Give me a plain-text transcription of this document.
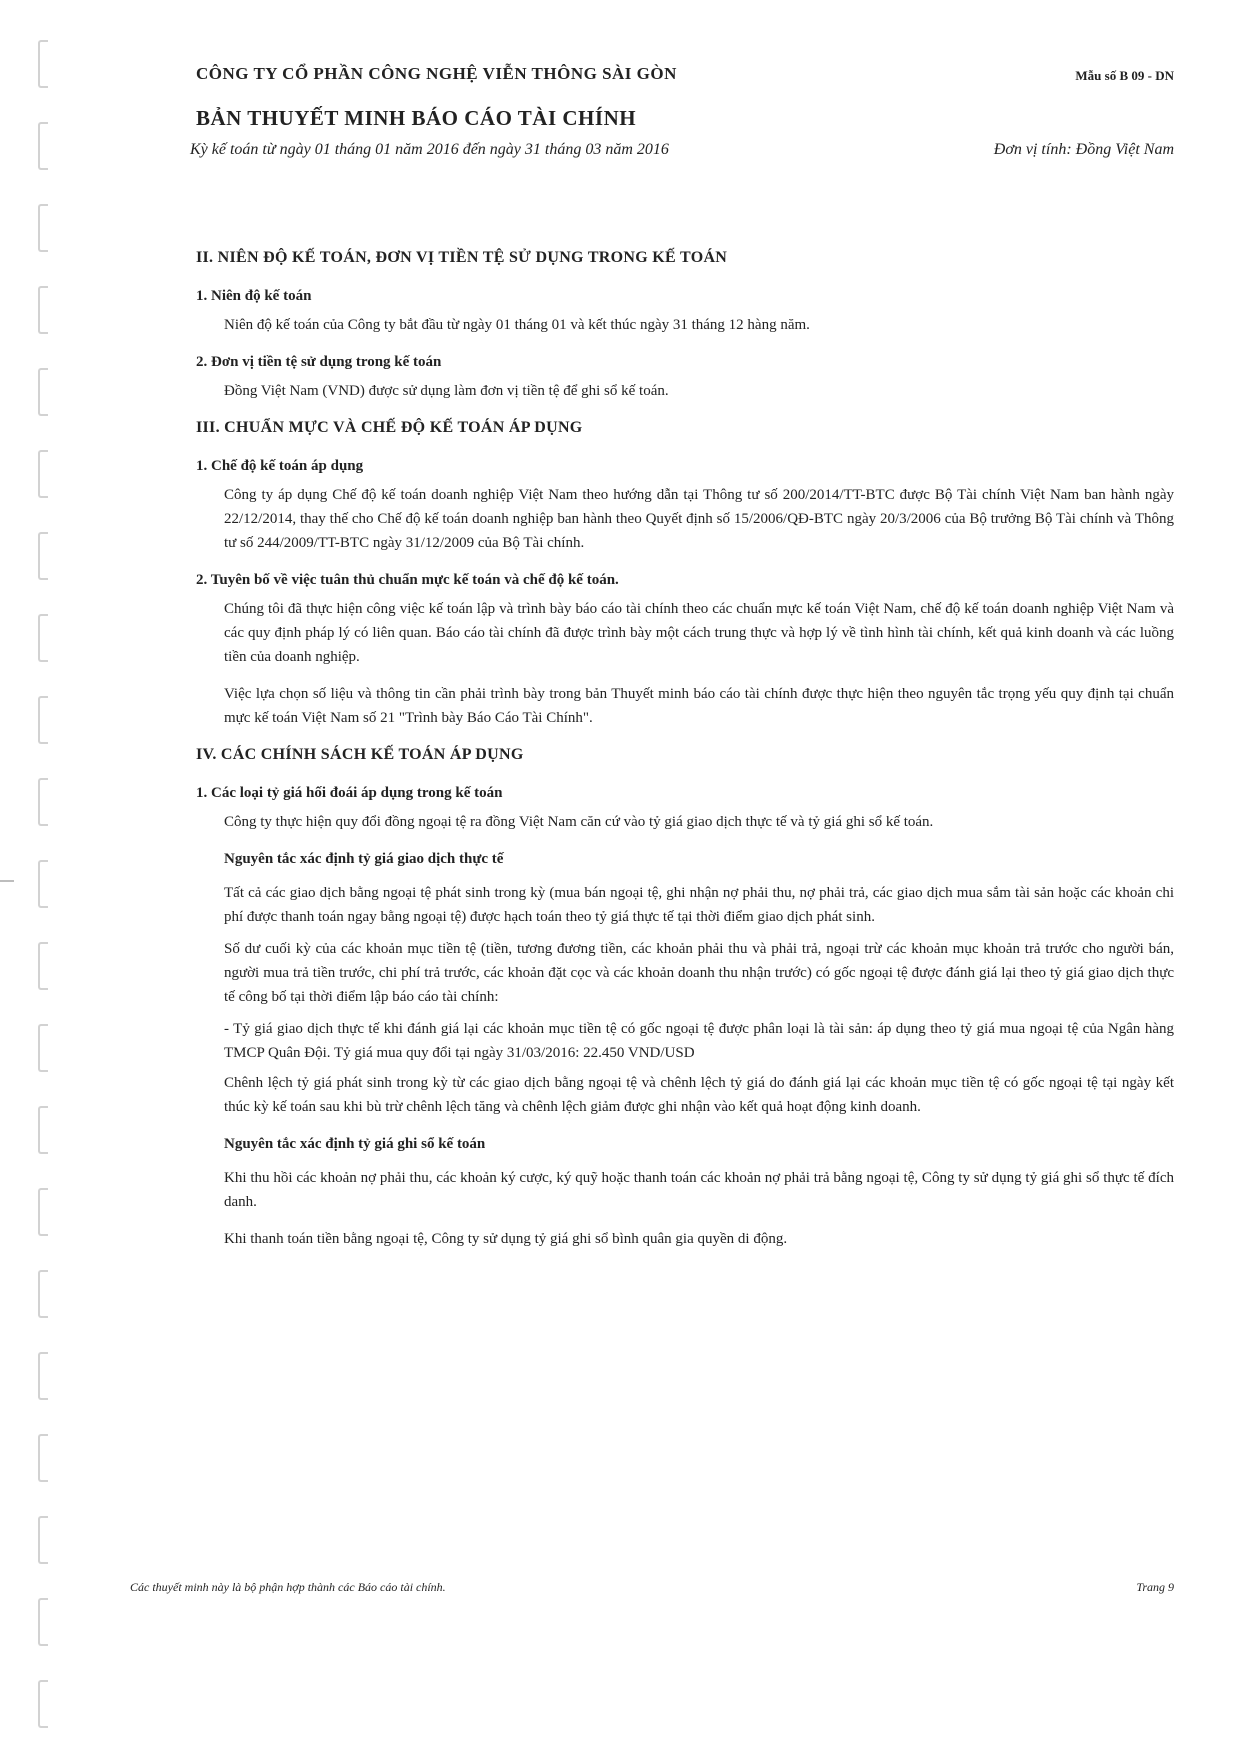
CÔNG TY CỔ PHẦN CÔNG NGHỆ VIỄN THÔNG SÀI GÒN	Mẫu số B 09 - DN
BẢN THUYẾT MINH BÁO CÁO TÀI CHÍNH
Kỳ kế toán từ ngày 01 tháng 01 năm 2016 đến ngày 31 tháng 03 năm 2016	Đơn vị tính: Đồng Việt Nam
II. NIÊN ĐỘ KẾ TOÁN, ĐƠN VỊ TIỀN TỆ SỬ DỤNG TRONG KẾ TOÁN
1. Niên độ kế toán
Niên độ kế toán của Công ty bắt đầu từ ngày 01 tháng 01 và kết thúc ngày 31 tháng 12 hàng năm.
2. Đơn vị tiền tệ sử dụng trong kế toán
Đồng Việt Nam (VND) được sử dụng làm đơn vị tiền tệ để ghi sổ kế toán.
III. CHUẨN MỰC VÀ CHẾ ĐỘ KẾ TOÁN ÁP DỤNG
1. Chế độ kế toán áp dụng
Công ty áp dụng Chế độ kế toán doanh nghiệp Việt Nam theo hướng dẫn tại Thông tư số 200/2014/TT-BTC được Bộ Tài chính Việt Nam ban hành ngày 22/12/2014, thay thế cho Chế độ kế toán doanh nghiệp ban hành theo Quyết định số 15/2006/QĐ-BTC ngày 20/3/2006 của Bộ trưởng Bộ Tài chính và Thông tư số 244/2009/TT-BTC ngày 31/12/2009 của Bộ Tài chính.
2. Tuyên bố về việc tuân thủ chuẩn mực kế toán và chế độ kế toán.
Chúng tôi đã thực hiện công việc kế toán lập và trình bày báo cáo tài chính theo các chuẩn mực kế toán Việt Nam, chế độ kế toán doanh nghiệp Việt Nam và các quy định pháp lý có liên quan. Báo cáo tài chính đã được trình bày một cách trung thực và hợp lý về tình hình tài chính, kết quả kinh doanh và các luồng tiền của doanh nghiệp.
Việc lựa chọn số liệu và thông tin cần phải trình bày trong bản Thuyết minh báo cáo tài chính được thực hiện theo nguyên tắc trọng yếu quy định tại chuẩn mực kế toán Việt Nam số 21 "Trình bày Báo Cáo Tài Chính".
IV. CÁC CHÍNH SÁCH KẾ TOÁN ÁP DỤNG
1. Các loại tỷ giá hối đoái áp dụng trong kế toán
Công ty thực hiện quy đổi đồng ngoại tệ ra đồng Việt Nam căn cứ vào tỷ giá giao dịch thực tế và tỷ giá ghi sổ kế toán.
Nguyên tắc xác định tỷ giá giao dịch thực tế
Tất cả các giao dịch bằng ngoại tệ phát sinh trong kỳ (mua bán ngoại tệ, ghi nhận nợ phải thu, nợ phải trả, các giao dịch mua sắm tài sản hoặc các khoản chi phí được thanh toán ngay bằng ngoại tệ) được hạch toán theo tỷ giá thực tế tại thời điểm giao dịch phát sinh.
Số dư cuối kỳ của các khoản mục tiền tệ (tiền, tương đương tiền, các khoản phải thu và phải trả, ngoại trừ các khoản mục khoản trả trước cho người bán, người mua trả tiền trước, chi phí trả trước, các khoản đặt cọc và các khoản doanh thu nhận trước) có gốc ngoại tệ được đánh giá lại theo tỷ giá giao dịch thực tế công bố tại thời điểm lập báo cáo tài chính:
- Tỷ giá giao dịch thực tế khi đánh giá lại các khoản mục tiền tệ có gốc ngoại tệ được phân loại là tài sản: áp dụng theo tỷ giá mua ngoại tệ của Ngân hàng TMCP Quân Đội. Tỷ giá mua quy đổi tại ngày 31/03/2016: 22.450 VND/USD
Chênh lệch tỷ giá phát sinh trong kỳ từ các giao dịch bằng ngoại tệ và chênh lệch tỷ giá do đánh giá lại các khoản mục tiền tệ có gốc ngoại tệ tại ngày kết thúc kỳ kế toán sau khi bù trừ chênh lệch tăng và chênh lệch giảm được ghi nhận vào kết quả hoạt động kinh doanh.
Nguyên tắc xác định tỷ giá ghi sổ kế toán
Khi thu hồi các khoản nợ phải thu, các khoản ký cược, ký quỹ hoặc thanh toán các khoản nợ phải trả bằng ngoại tệ, Công ty sử dụng tỷ giá ghi sổ thực tế đích danh.
Khi thanh toán tiền bằng ngoại tệ, Công ty sử dụng tỷ giá ghi sổ bình quân gia quyền di động.
Các thuyết minh này là bộ phận hợp thành các Báo cáo tài chính.	Trang 9
